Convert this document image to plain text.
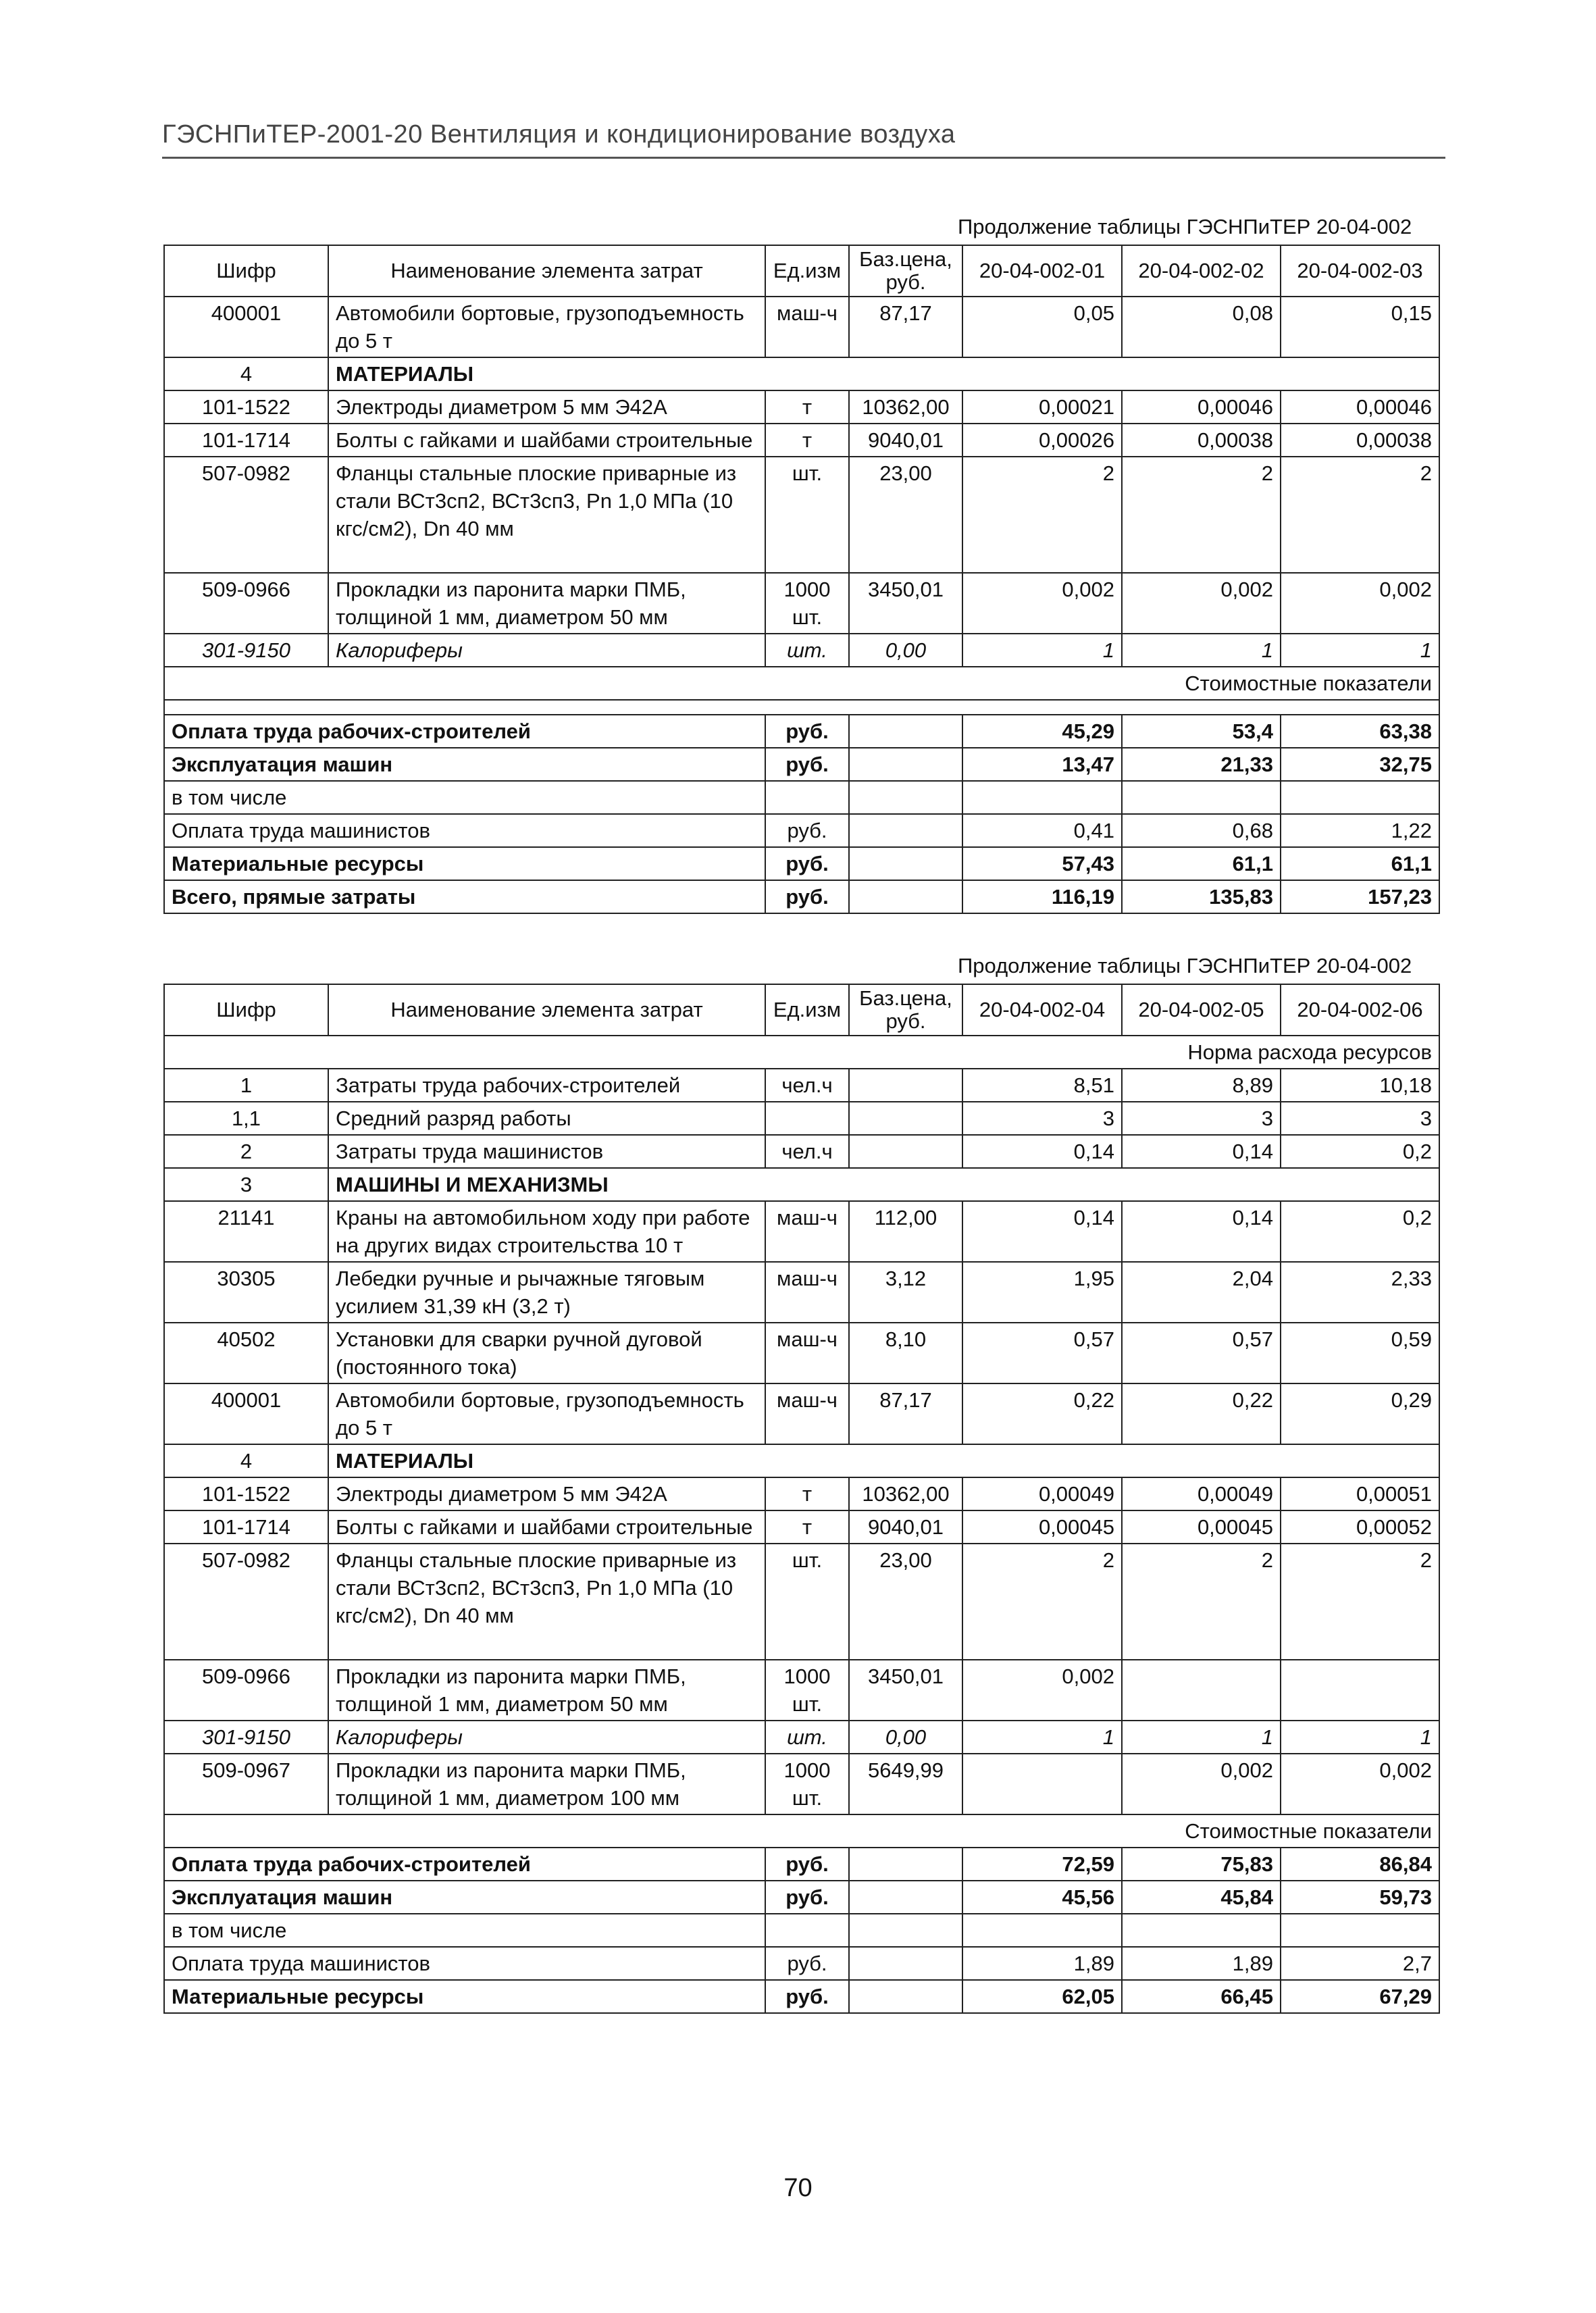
ГЭСНПиТЕР-2001-20 Вентиляция и кондиционирование воздуха
Продолжение таблицы ГЭСНПиТЕР 20-04-002
Шифр	Наименование элемента затрат	Ед.изм	Баз.цена, руб.	20-04-002-01	20-04-002-02	20-04-002-03
400001	Автомобили бортовые, грузоподъемность до 5 т	маш-ч	87,17	0,05	0,08	0,15
4	МАТЕРИАЛЫ					
101-1522	Электроды диаметром 5 мм Э42А	т	10362,00	0,00021	0,00046	0,00046
101-1714	Болты с гайками и шайбами строительные	т	9040,01	0,00026	0,00038	0,00038
507-0982	Фланцы стальные плоские приварные из стали ВСт3сп2, ВСт3сп3, Рn 1,0 МПа (10 кгс/см2), Dn 40 мм	шт.	23,00	2	2	2
509-0966	Прокладки из паронита марки ПМБ, толщиной 1 мм, диаметром 50 мм	1000 шт.	3450,01	0,002	0,002	0,002
301-9150	Калориферы	шт.	0,00	1	1	1
Стоимостные показатели						

Оплата труда рабочих-строителей		руб.		45,29	53,4	63,38
Эксплуатация машин		руб.		13,47	21,33	32,75
в том числе						
Оплата труда машинистов		руб.		0,41	0,68	1,22
Материальные ресурсы		руб.		57,43	61,1	61,1
Всего, прямые затраты		руб.		116,19	135,83	157,23
Продолжение таблицы ГЭСНПиТЕР 20-04-002
Шифр	Наименование элемента затрат	Ед.изм	Баз.цена, руб.	20-04-002-04	20-04-002-05	20-04-002-06
Норма расхода ресурсов						
1	Затраты труда рабочих-строителей	чел.ч		8,51	8,89	10,18
1,1	Средний разряд работы			3	3	3
2	Затраты труда машинистов	чел.ч		0,14	0,14	0,2
3	МАШИНЫ И МЕХАНИЗМЫ					
21141	Краны на автомобильном ходу при работе на других видах строительства 10 т	маш-ч	112,00	0,14	0,14	0,2
30305	Лебедки ручные и рычажные тяговым усилием 31,39 кН (3,2 т)	маш-ч	3,12	1,95	2,04	2,33
40502	Установки для сварки ручной дуговой (постоянного тока)	маш-ч	8,10	0,57	0,57	0,59
400001	Автомобили бортовые, грузоподъемность до 5 т	маш-ч	87,17	0,22	0,22	0,29
4	МАТЕРИАЛЫ					
101-1522	Электроды диаметром 5 мм Э42А	т	10362,00	0,00049	0,00049	0,00051
101-1714	Болты с гайками и шайбами строительные	т	9040,01	0,00045	0,00045	0,00052
507-0982	Фланцы стальные плоские приварные из стали ВСт3сп2, ВСт3сп3, Рn 1,0 МПа (10 кгс/см2), Dn 40 мм	шт.	23,00	2	2	2
509-0966	Прокладки из паронита марки ПМБ, толщиной 1 мм, диаметром 50 мм	1000 шт.	3450,01	0,002		
301-9150	Калориферы	шт.	0,00	1	1	1
509-0967	Прокладки из паронита марки ПМБ, толщиной 1 мм, диаметром 100 мм	1000 шт.	5649,99		0,002	0,002
Стоимостные показатели						
Оплата труда рабочих-строителей		руб.		72,59	75,83	86,84
Эксплуатация машин		руб.		45,56	45,84	59,73
в том числе						
Оплата труда машинистов		руб.		1,89	1,89	2,7
Материальные ресурсы		руб.		62,05	66,45	67,29
70
